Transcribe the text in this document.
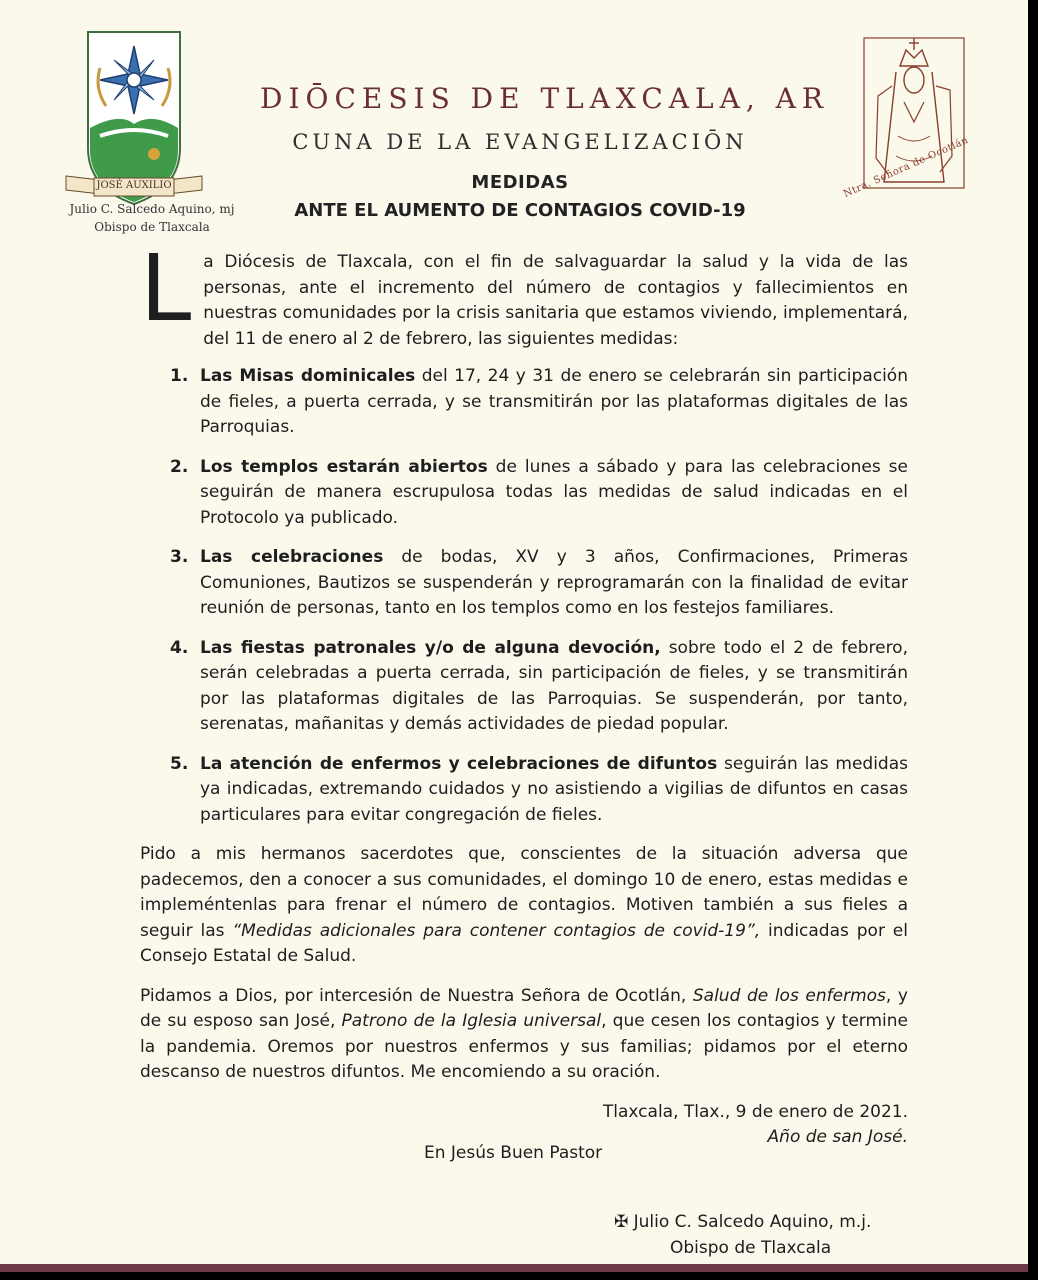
JOSÉ AUXILIO
Julio C. Salcedo Aquino, mj
Obispo de Tlaxcala
Ntra. Señora de Ocotlán
DIŌCESIS DE TLAXCALA, AR
CUNA DE LA EVANGELIZACIŌN
MEDIDAS
ANTE EL AUMENTO DE CONTAGIOS COVID-19
L a Diócesis de Tlaxcala, con el fin de salvaguardar la salud y la vida de las personas, ante el incremento del número de contagios y fallecimientos en nuestras comunidades por la crisis sanitaria que estamos viviendo, implementará, del 11 de enero al 2 de febrero, las siguientes medidas:

1. Las Misas dominicales del 17, 24 y 31 de enero se celebrarán sin participación de fieles, a puerta cerrada, y se transmitirán por las plataformas digitales de las Parroquias.
2. Los templos estarán abiertos de lunes a sábado y para las celebraciones se seguirán de manera escrupulosa todas las medidas de salud indicadas en el Protocolo ya publicado.
3. Las celebraciones de bodas, XV y 3 años, Confirmaciones, Primeras Comuniones, Bautizos se suspenderán y reprogramarán con la finalidad de evitar reunión de personas, tanto en los templos como en los festejos familiares.
4. Las fiestas patronales y/o de alguna devoción, sobre todo el 2 de febrero, serán celebradas a puerta cerrada, sin participación de fieles, y se transmitirán por las plataformas digitales de las Parroquias. Se suspenderán, por tanto, serenatas, mañanitas y demás actividades de piedad popular.
5. La atención de enfermos y celebraciones de difuntos seguirán las medidas ya indicadas, extremando cuidados y no asistiendo a vigilias de difuntos en casas particulares para evitar congregación de fieles.

Pido a mis hermanos sacerdotes que, conscientes de la situación adversa que padecemos, den a conocer a sus comunidades, el domingo 10 de enero, estas medidas e impleméntenlas para frenar el número de contagios. Motiven también a sus fieles a seguir las “Medidas adicionales para contener contagios de covid-19”, indicadas por el Consejo Estatal de Salud.

Pidamos a Dios, por intercesión de Nuestra Señora de Ocotlán, Salud de los enfermos, y de su esposo san José, Patrono de la Iglesia universal, que cesen los contagios y termine la pandemia. Oremos por nuestros enfermos y sus familias; pidamos por el eterno descanso de nuestros difuntos. Me encomiendo a su oración.

Tlaxcala, Tlax., 9 de enero de 2021.

Año de san José.

En Jesús Buen Pastor
✠ Julio C. Salcedo Aquino, m.j.
Obispo de Tlaxcala
